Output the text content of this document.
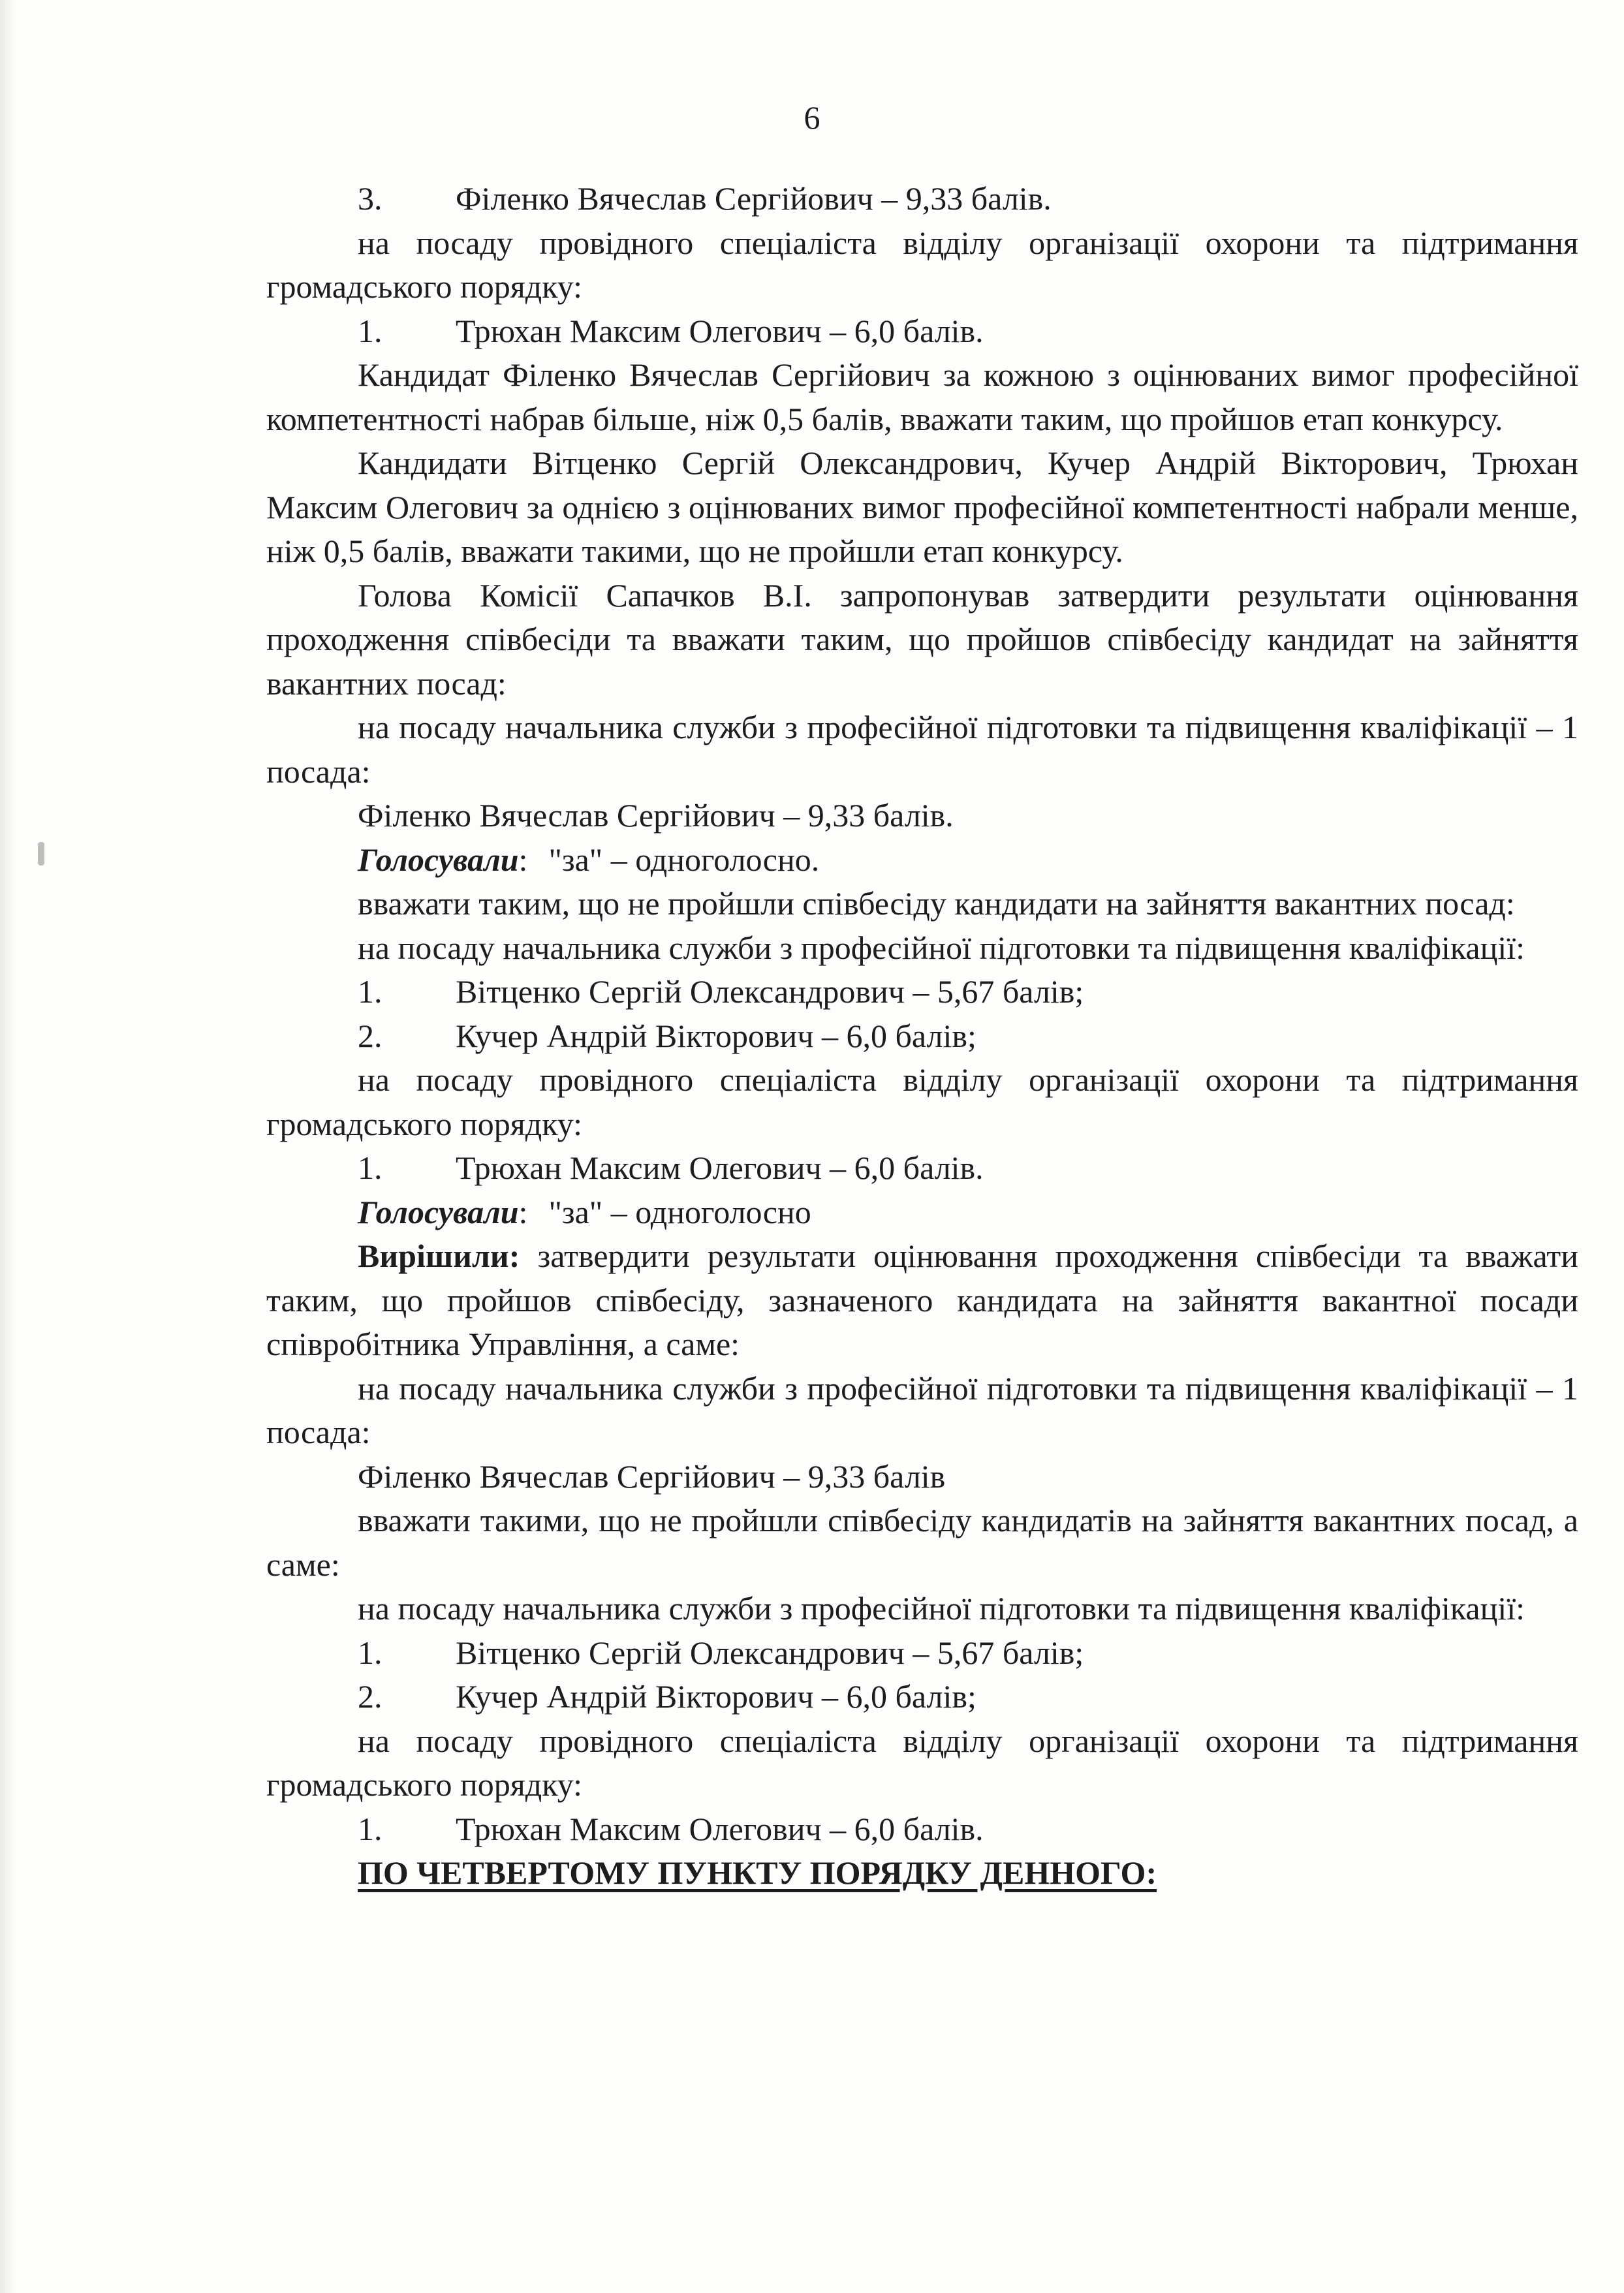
6
3. Філенко Вячеслав Сергійович – 9,33 балів.
на посаду провідного спеціаліста відділу організації охорони та підтримання громадського порядку:
1. Трюхан Максим Олегович – 6,0 балів.
Кандидат Філенко Вячеслав Сергійович за кожною з оцінюваних вимог професійної компетентності набрав більше, ніж 0,5 балів, вважати таким, що пройшов етап конкурсу.
Кандидати Вітценко Сергій Олександрович, Кучер Андрій Вікторович, Трюхан Максим Олегович за однією з оцінюваних вимог професійної компетентності набрали менше, ніж 0,5 балів, вважати такими, що не пройшли етап конкурсу.
Голова Комісії Сапачков В.І. запропонував затвердити результати оцінювання проходження співбесіди та вважати таким, що пройшов співбесіду кандидат на зайняття вакантних посад:
на посаду начальника служби з професійної підготовки та підвищення кваліфікації – 1 посада:
Філенко Вячеслав Сергійович – 9,33 балів.
Голосували: "за" – одноголосно.
вважати таким, що не пройшли співбесіду кандидати на зайняття вакантних посад:
на посаду начальника служби з професійної підготовки та підвищення кваліфікації:
1. Вітценко Сергій Олександрович – 5,67 балів;
2. Кучер Андрій Вікторович – 6,0 балів;
на посаду провідного спеціаліста відділу організації охорони та підтримання громадського порядку:
1. Трюхан Максим Олегович – 6,0 балів.
Голосували: "за" – одноголосно
Вирішили: затвердити результати оцінювання проходження співбесіди та вважати таким, що пройшов співбесіду, зазначеного кандидата на зайняття вакантної посади співробітника Управління, а саме:
на посаду начальника служби з професійної підготовки та підвищення кваліфікації – 1 посада:
Філенко Вячеслав Сергійович – 9,33 балів
вважати такими, що не пройшли співбесіду кандидатів на зайняття вакантних посад, а саме:
на посаду начальника служби з професійної підготовки та підвищення кваліфікації:
1. Вітценко Сергій Олександрович – 5,67 балів;
2. Кучер Андрій Вікторович – 6,0 балів;
на посаду провідного спеціаліста відділу організації охорони та підтримання громадського порядку:
1. Трюхан Максим Олегович – 6,0 балів.
ПО ЧЕТВЕРТОМУ ПУНКТУ ПОРЯДКУ ДЕННОГО:
